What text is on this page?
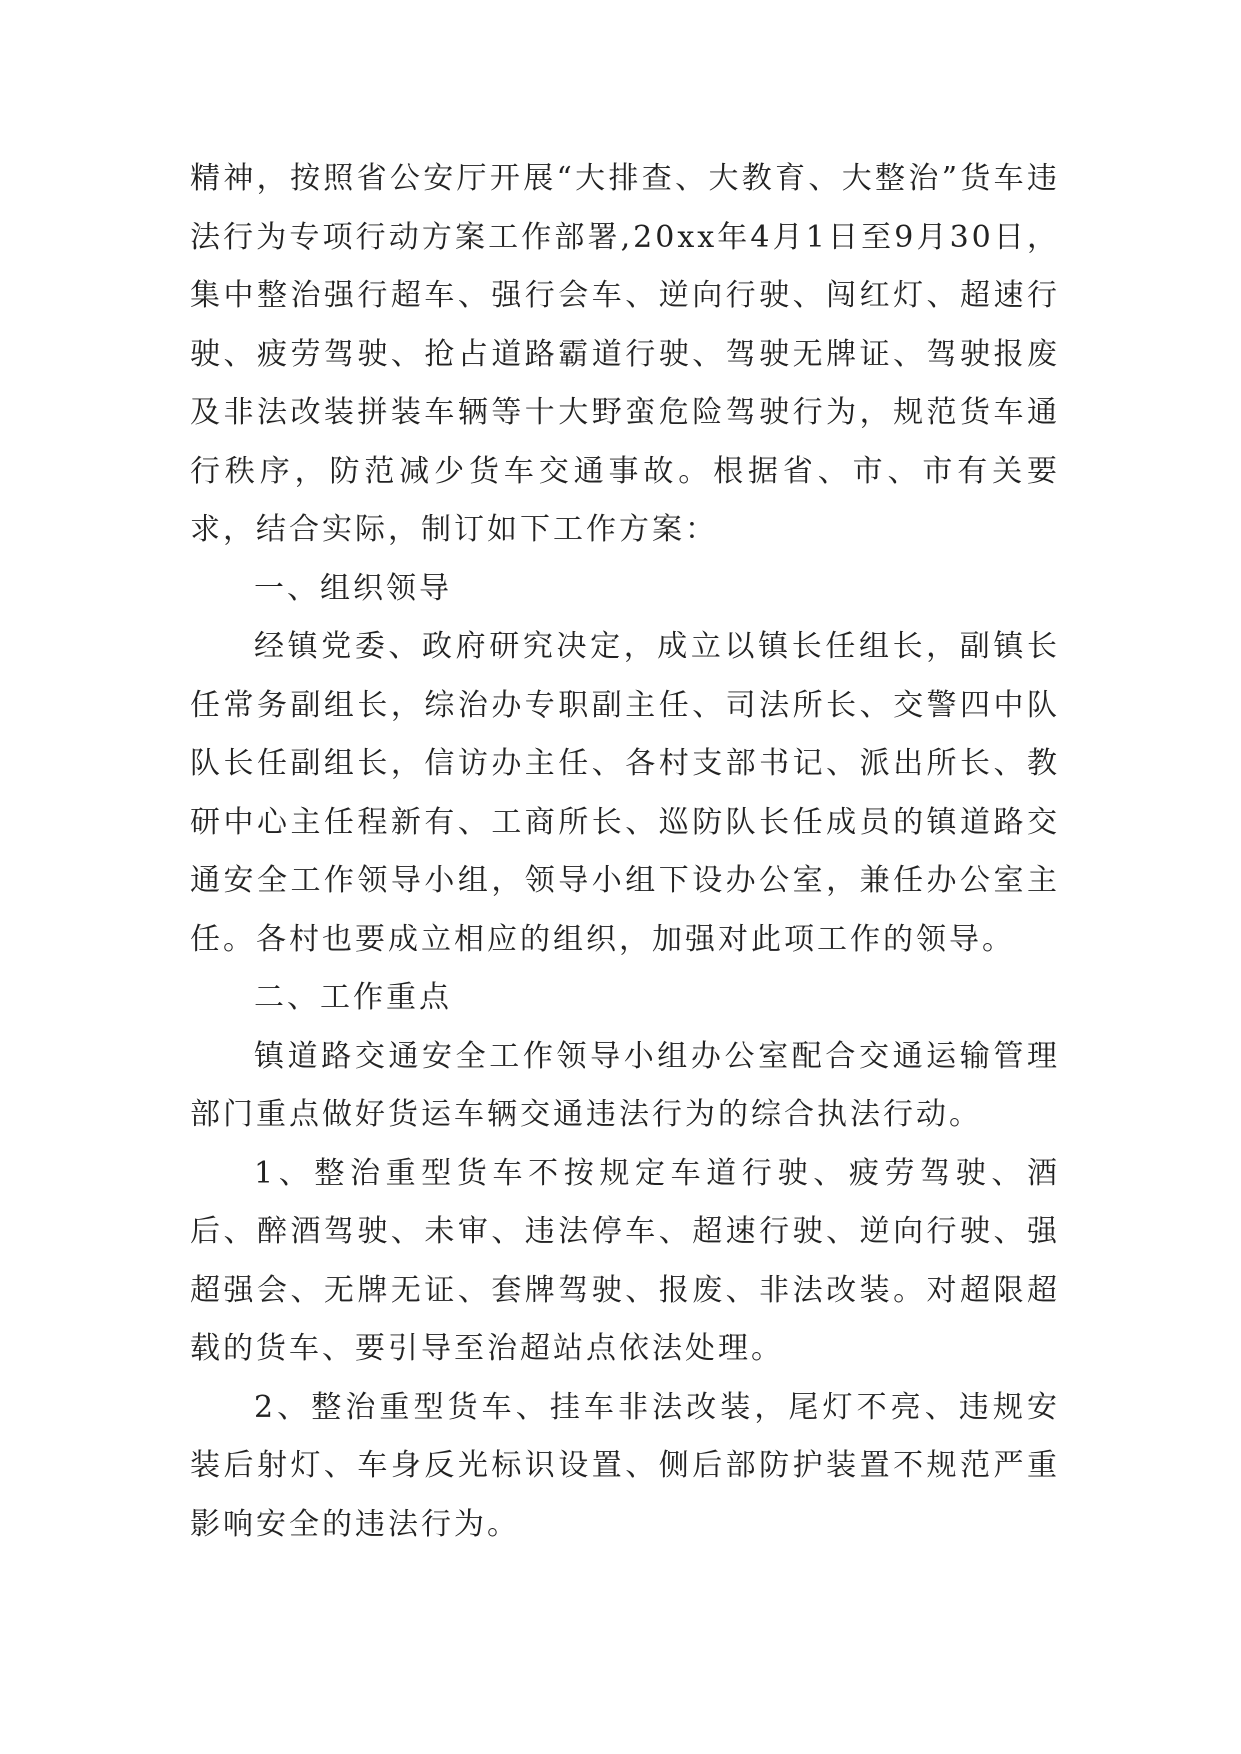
精神，按照省公安厅开展“大排查、大教育、大整治”货车违法行为专项行动方案工作部署,20xx年4月1日至9月30日，集中整治强行超车、强行会车、逆向行驶、闯红灯、超速行驶、疲劳驾驶、抢占道路霸道行驶、驾驶无牌证、驾驶报废及非法改装拼装车辆等十大野蛮危险驾驶行为，规范货车通行秩序，防范减少货车交通事故。根据省、市、市有关要求，结合实际，制订如下工作方案：

一、组织领导

经镇党委、政府研究决定，成立以镇长任组长，副镇长任常务副组长，综治办专职副主任、司法所长、交警四中队队长任副组长，信访办主任、各村支部书记、派出所长、教研中心主任程新有、工商所长、巡防队长任成员的镇道路交通安全工作领导小组，领导小组下设办公室，兼任办公室主任。各村也要成立相应的组织，加强对此项工作的领导。

二、工作重点

镇道路交通安全工作领导小组办公室配合交通运输管理部门重点做好货运车辆交通违法行为的综合执法行动。

1、整治重型货车不按规定车道行驶、疲劳驾驶、酒后、醉酒驾驶、未审、违法停车、超速行驶、逆向行驶、强超强会、无牌无证、套牌驾驶、报废、非法改装。对超限超载的货车、要引导至治超站点依法处理。

2、整治重型货车、挂车非法改装，尾灯不亮、违规安装后射灯、车身反光标识设置、侧后部防护装置不规范严重影响安全的违法行为。
